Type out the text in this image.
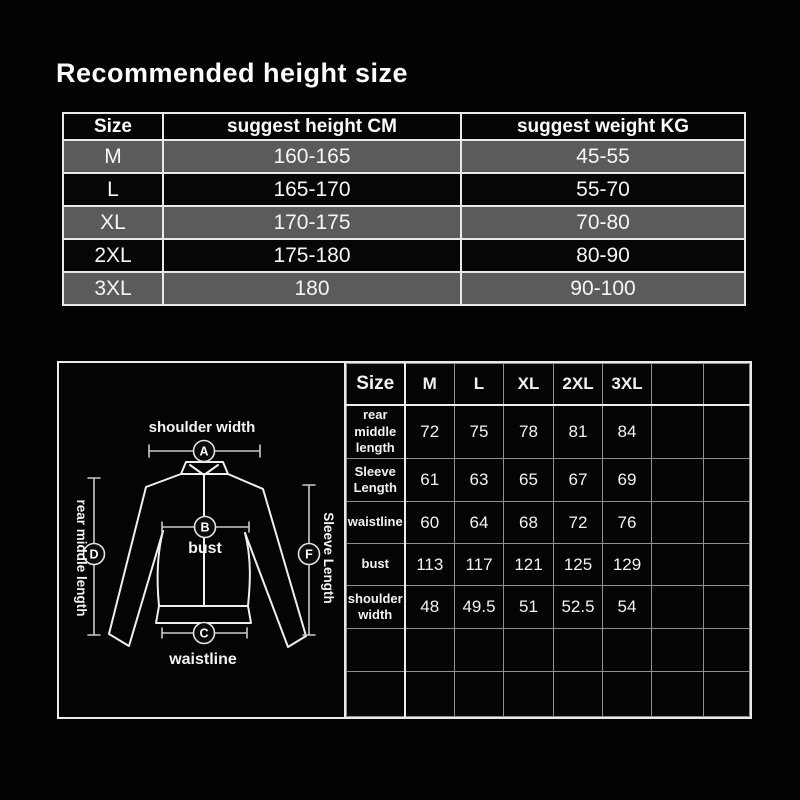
Recommended height size
Size	suggest height CM	suggest weight KG
M	160-165	45-55
L	165-170	55-70
XL	170-175	70-80
2XL	175-180	80-90
3XL	180	90-100
A
B
C
D	F
shoulder width
bust
waistline
rear middle length	Sleeve Length
Size	M	L	XL	2XL	3XL		
rear middle length	72	75	78	81	84		
Sleeve Length	61	63	65	67	69		
waistline	60	64	68	72	76		
bust	113	117	121	125	129		
shoulder width	48	49.5	51	52.5	54		
